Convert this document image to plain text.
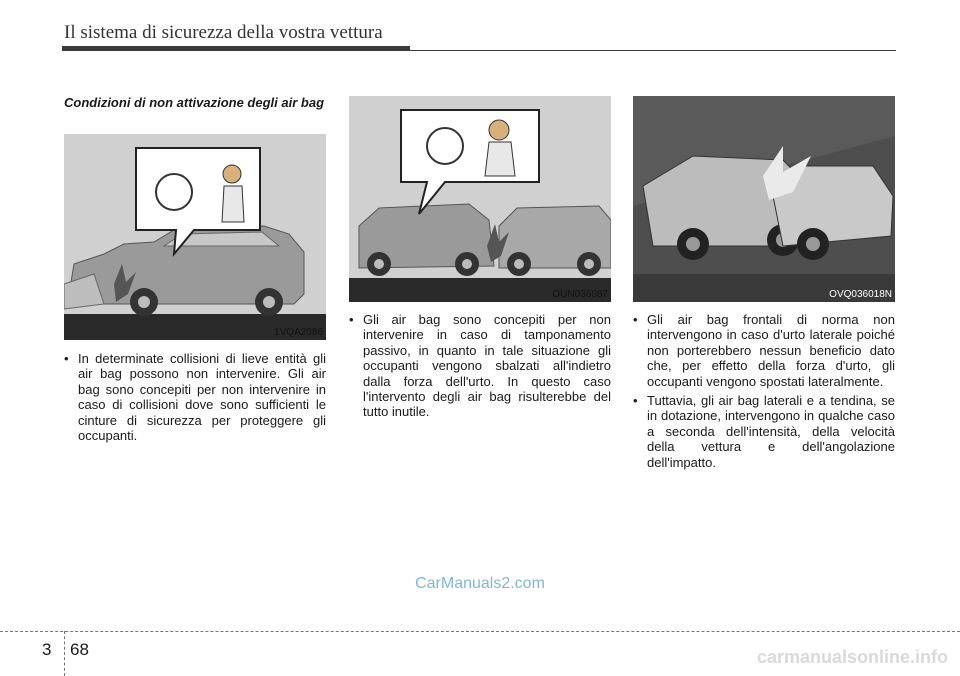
Il sistema di sicurezza della vostra vettura
Condizioni di non attivazione degli air bag
1VQA2086
OUN036087	OVQ036018N
• In determinate collisioni di lieve entità gli air bag possono non intervenire. Gli air bag sono concepiti per non intervenire in caso di collisioni dove sono sufficienti le cinture di sicurezza per proteggere gli occupanti.
• Gli air bag sono concepiti per non intervenire in caso di tamponamento passivo, in quanto in tale situazione gli occupanti vengono sbalzati all'indietro dalla forza dell'urto. In questo caso l'intervento degli air bag risulterebbe del tutto inutile.
• Gli air bag frontali di norma non intervengono in caso d'urto laterale poiché non porterebbero nessun beneficio dato che, per effetto della forza d'urto, gli occupanti vengono spostati lateralmente.
• Tuttavia, gli air bag laterali e a tendina, se in dotazione, intervengono in qualche caso a seconda dell'intensità, della velocità della vettura e dell'angolazione dell'impatto.
CarManuals2.com
3 68	carmanualsonline.info
